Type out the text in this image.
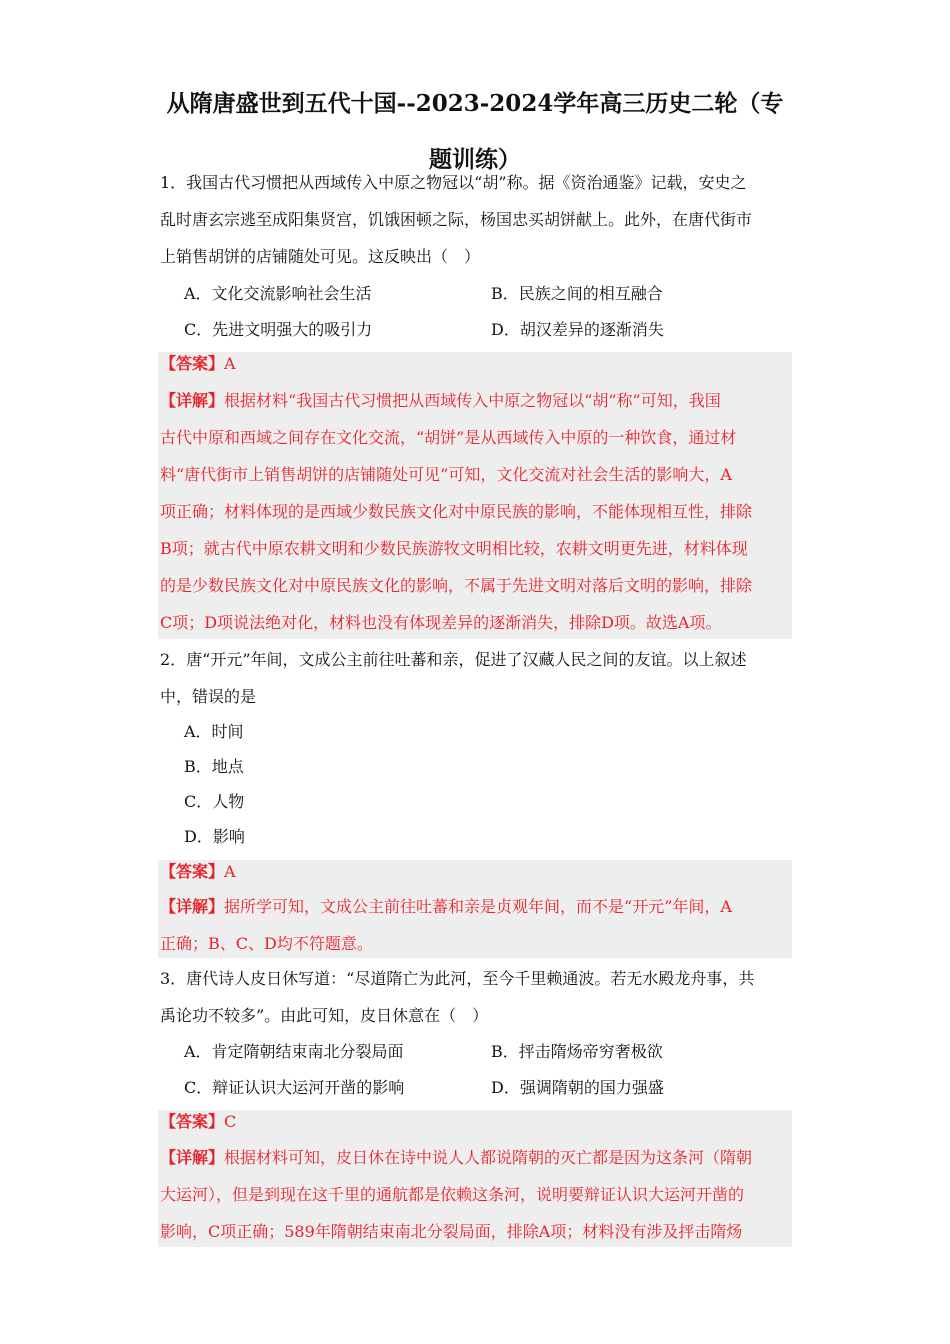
从隋唐盛世到五代十国--2023-2024学年高三历史二轮（专
题训练）
1．我国古代习惯把从西域传入中原之物冠以“胡”称。据《资治通鉴》记载，安史之
乱时唐玄宗逃至成阳集贤宫，饥饿困顿之际，杨国忠买胡饼献上。此外，在唐代街市
上销售胡饼的店铺随处可见。这反映出（　）
A．文化交流影响社会生活	B．民族之间的相互融合
C．先进文明强大的吸引力	D．胡汉差异的逐渐消失
【答案】A
【详解】根据材料“我国古代习惯把从西域传入中原之物冠以“胡”称”可知，我国
古代中原和西域之间存在文化交流，“胡饼”是从西域传入中原的一种饮食，通过材
料“唐代街市上销售胡饼的店铺随处可见”可知，文化交流对社会生活的影响大，A
项正确；材料体现的是西域少数民族文化对中原民族的影响，不能体现相互性，排除
B项；就古代中原农耕文明和少数民族游牧文明相比较，农耕文明更先进，材料体现
的是少数民族文化对中原民族文化的影响，不属于先进文明对落后文明的影响，排除
C项；D项说法绝对化，材料也没有体现差异的逐渐消失，排除D项。故选A项。
2．唐“开元”年间，文成公主前往吐蕃和亲，促进了汉藏人民之间的友谊。以上叙述
中，错误的是
A．时间
B．地点
C．人物
D．影响
【答案】A
【详解】据所学可知，文成公主前往吐蕃和亲是贞观年间，而不是“开元”年间，A
正确；B、C、D均不符题意。
3．唐代诗人皮日休写道：“尽道隋亡为此河，至今千里赖通波。若无水殿龙舟事，共
禹论功不较多”。由此可知，皮日休意在（　）
A．肯定隋朝结束南北分裂局面	B．抨击隋炀帝穷奢极欲
C．辩证认识大运河开凿的影响	D．强调隋朝的国力强盛
【答案】C
【详解】根据材料可知，皮日休在诗中说人人都说隋朝的灭亡都是因为这条河（隋朝
大运河），但是到现在这千里的通航都是依赖这条河，说明要辩证认识大运河开凿的
影响，C项正确；589年隋朝结束南北分裂局面，排除A项；材料没有涉及抨击隋炀
